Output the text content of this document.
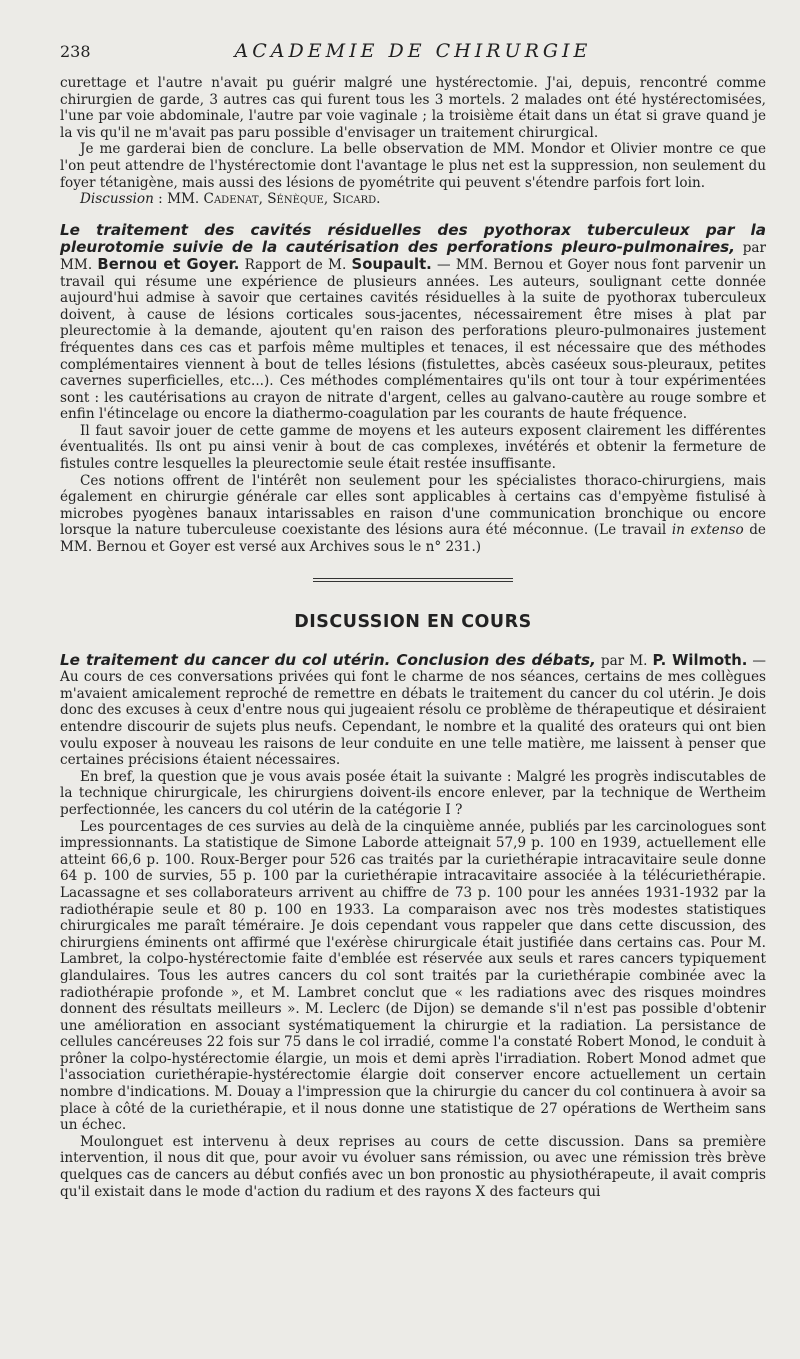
238	ACADEMIE DE CHIRURGIE

curettage et l'autre n'avait pu guérir malgré une hystérectomie. J'ai, depuis, rencontré comme chirurgien de garde, 3 autres cas qui furent tous les 3 mortels. 2 malades ont été hystérectomisées, l'une par voie abdominale, l'autre par voie vaginale ; la troisième était dans un état si grave quand je la vis qu'il ne m'avait pas paru possible d'envisager un traitement chirurgical.

Je me garderai bien de conclure. La belle observation de MM. Mondor et Olivier montre ce que l'on peut attendre de l'hystérectomie dont l'avantage le plus net est la suppression, non seulement du foyer tétanigène, mais aussi des lésions de pyométrite qui peuvent s'étendre parfois fort loin.

Discussion : MM. Cadenat, Sénèque, Sicard.

Le traitement des cavités résiduelles des pyothorax tuberculeux par la pleurotomie suivie de la cautérisation des perforations pleuro-pulmonaires, par MM. Bernou et Goyer. Rapport de M. Soupault. — MM. Bernou et Goyer nous font parvenir un travail qui résume une expérience de plusieurs années. Les auteurs, soulignant cette donnée aujourd'hui admise à savoir que certaines cavités résiduelles à la suite de pyothorax tuberculeux doivent, à cause de lésions corticales sous-jacentes, nécessairement être mises à plat par pleurectomie à la demande, ajoutent qu'en raison des perforations pleuro-pulmonaires justement fréquentes dans ces cas et parfois même multiples et tenaces, il est nécessaire que des méthodes complémentaires viennent à bout de telles lésions (fistulettes, abcès caséeux sous-pleuraux, petites cavernes superficielles, etc...). Ces méthodes complémentaires qu'ils ont tour à tour expérimentées sont : les cautérisations au crayon de nitrate d'argent, celles au galvano-cautère au rouge sombre et enfin l'étincelage ou encore la diathermo-coagulation par les courants de haute fréquence.

Il faut savoir jouer de cette gamme de moyens et les auteurs exposent clairement les différentes éventualités. Ils ont pu ainsi venir à bout de cas complexes, invétérés et obtenir la fermeture de fistules contre lesquelles la pleurectomie seule était restée insuffisante.

Ces notions offrent de l'intérêt non seulement pour les spécialistes thoraco-chirurgiens, mais également en chirurgie générale car elles sont applicables à certains cas d'empyème fistulisé à microbes pyogènes banaux intarissables en raison d'une communication bronchique ou encore lorsque la nature tuberculeuse coexistante des lésions aura été méconnue. (Le travail in extenso de MM. Bernou et Goyer est versé aux Archives sous le n° 231.)

DISCUSSION EN COURS

Le traitement du cancer du col utérin. Conclusion des débats, par M. P. Wilmoth. — Au cours de ces conversations privées qui font le charme de nos séances, certains de mes collègues m'avaient amicalement reproché de remettre en débats le traitement du cancer du col utérin. Je dois donc des excuses à ceux d'entre nous qui jugeaient résolu ce problème de thérapeutique et désiraient entendre discourir de sujets plus neufs. Cependant, le nombre et la qualité des orateurs qui ont bien voulu exposer à nouveau les raisons de leur conduite en une telle matière, me laissent à penser que certaines précisions étaient nécessaires.

En bref, la question que je vous avais posée était la suivante : Malgré les progrès indiscutables de la technique chirurgicale, les chirurgiens doivent-ils encore enlever, par la technique de Wertheim perfectionnée, les cancers du col utérin de la catégorie I ?

Les pourcentages de ces survies au delà de la cinquième année, publiés par les carcinologues sont impressionnants. La statistique de Simone Laborde atteignait 57,9 p. 100 en 1939, actuellement elle atteint 66,6 p. 100. Roux-Berger pour 526 cas traités par la curiethérapie intracavitaire seule donne 64 p. 100 de survies, 55 p. 100 par la curiethérapie intracavitaire associée à la télécuriethérapie. Lacassagne et ses collaborateurs arrivent au chiffre de 73 p. 100 pour les années 1931-1932 par la radiothérapie seule et 80 p. 100 en 1933. La comparaison avec nos très modestes statistiques chirurgicales me paraît téméraire. Je dois cependant vous rappeler que dans cette discussion, des chirurgiens éminents ont affirmé que l'exérèse chirurgicale était justifiée dans certains cas. Pour M. Lambret, la colpo-hystérectomie faite d'emblée est réservée aux seuls et rares cancers typiquement glandulaires. Tous les autres cancers du col sont traités par la curiethérapie combinée avec la radiothérapie profonde », et M. Lambret conclut que « les radiations avec des risques moindres donnent des résultats meilleurs ». M. Leclerc (de Dijon) se demande s'il n'est pas possible d'obtenir une amélioration en associant systématiquement la chirurgie et la radiation. La persistance de cellules cancéreuses 22 fois sur 75 dans le col irradié, comme l'a constaté Robert Monod, le conduit à prôner la colpo-hystérectomie élargie, un mois et demi après l'irradiation. Robert Monod admet que l'association curiethérapie-hystérectomie élargie doit conserver encore actuellement un certain nombre d'indications. M. Douay a l'impression que la chirurgie du cancer du col continuera à avoir sa place à côté de la curiethérapie, et il nous donne une statistique de 27 opérations de Wertheim sans un échec.

Moulonguet est intervenu à deux reprises au cours de cette discussion. Dans sa première intervention, il nous dit que, pour avoir vu évoluer sans rémission, ou avec une rémission très brève quelques cas de cancers au début confiés avec un bon pronostic au physiothérapeute, il avait compris qu'il existait dans le mode d'action du radium et des rayons X des facteurs qui
